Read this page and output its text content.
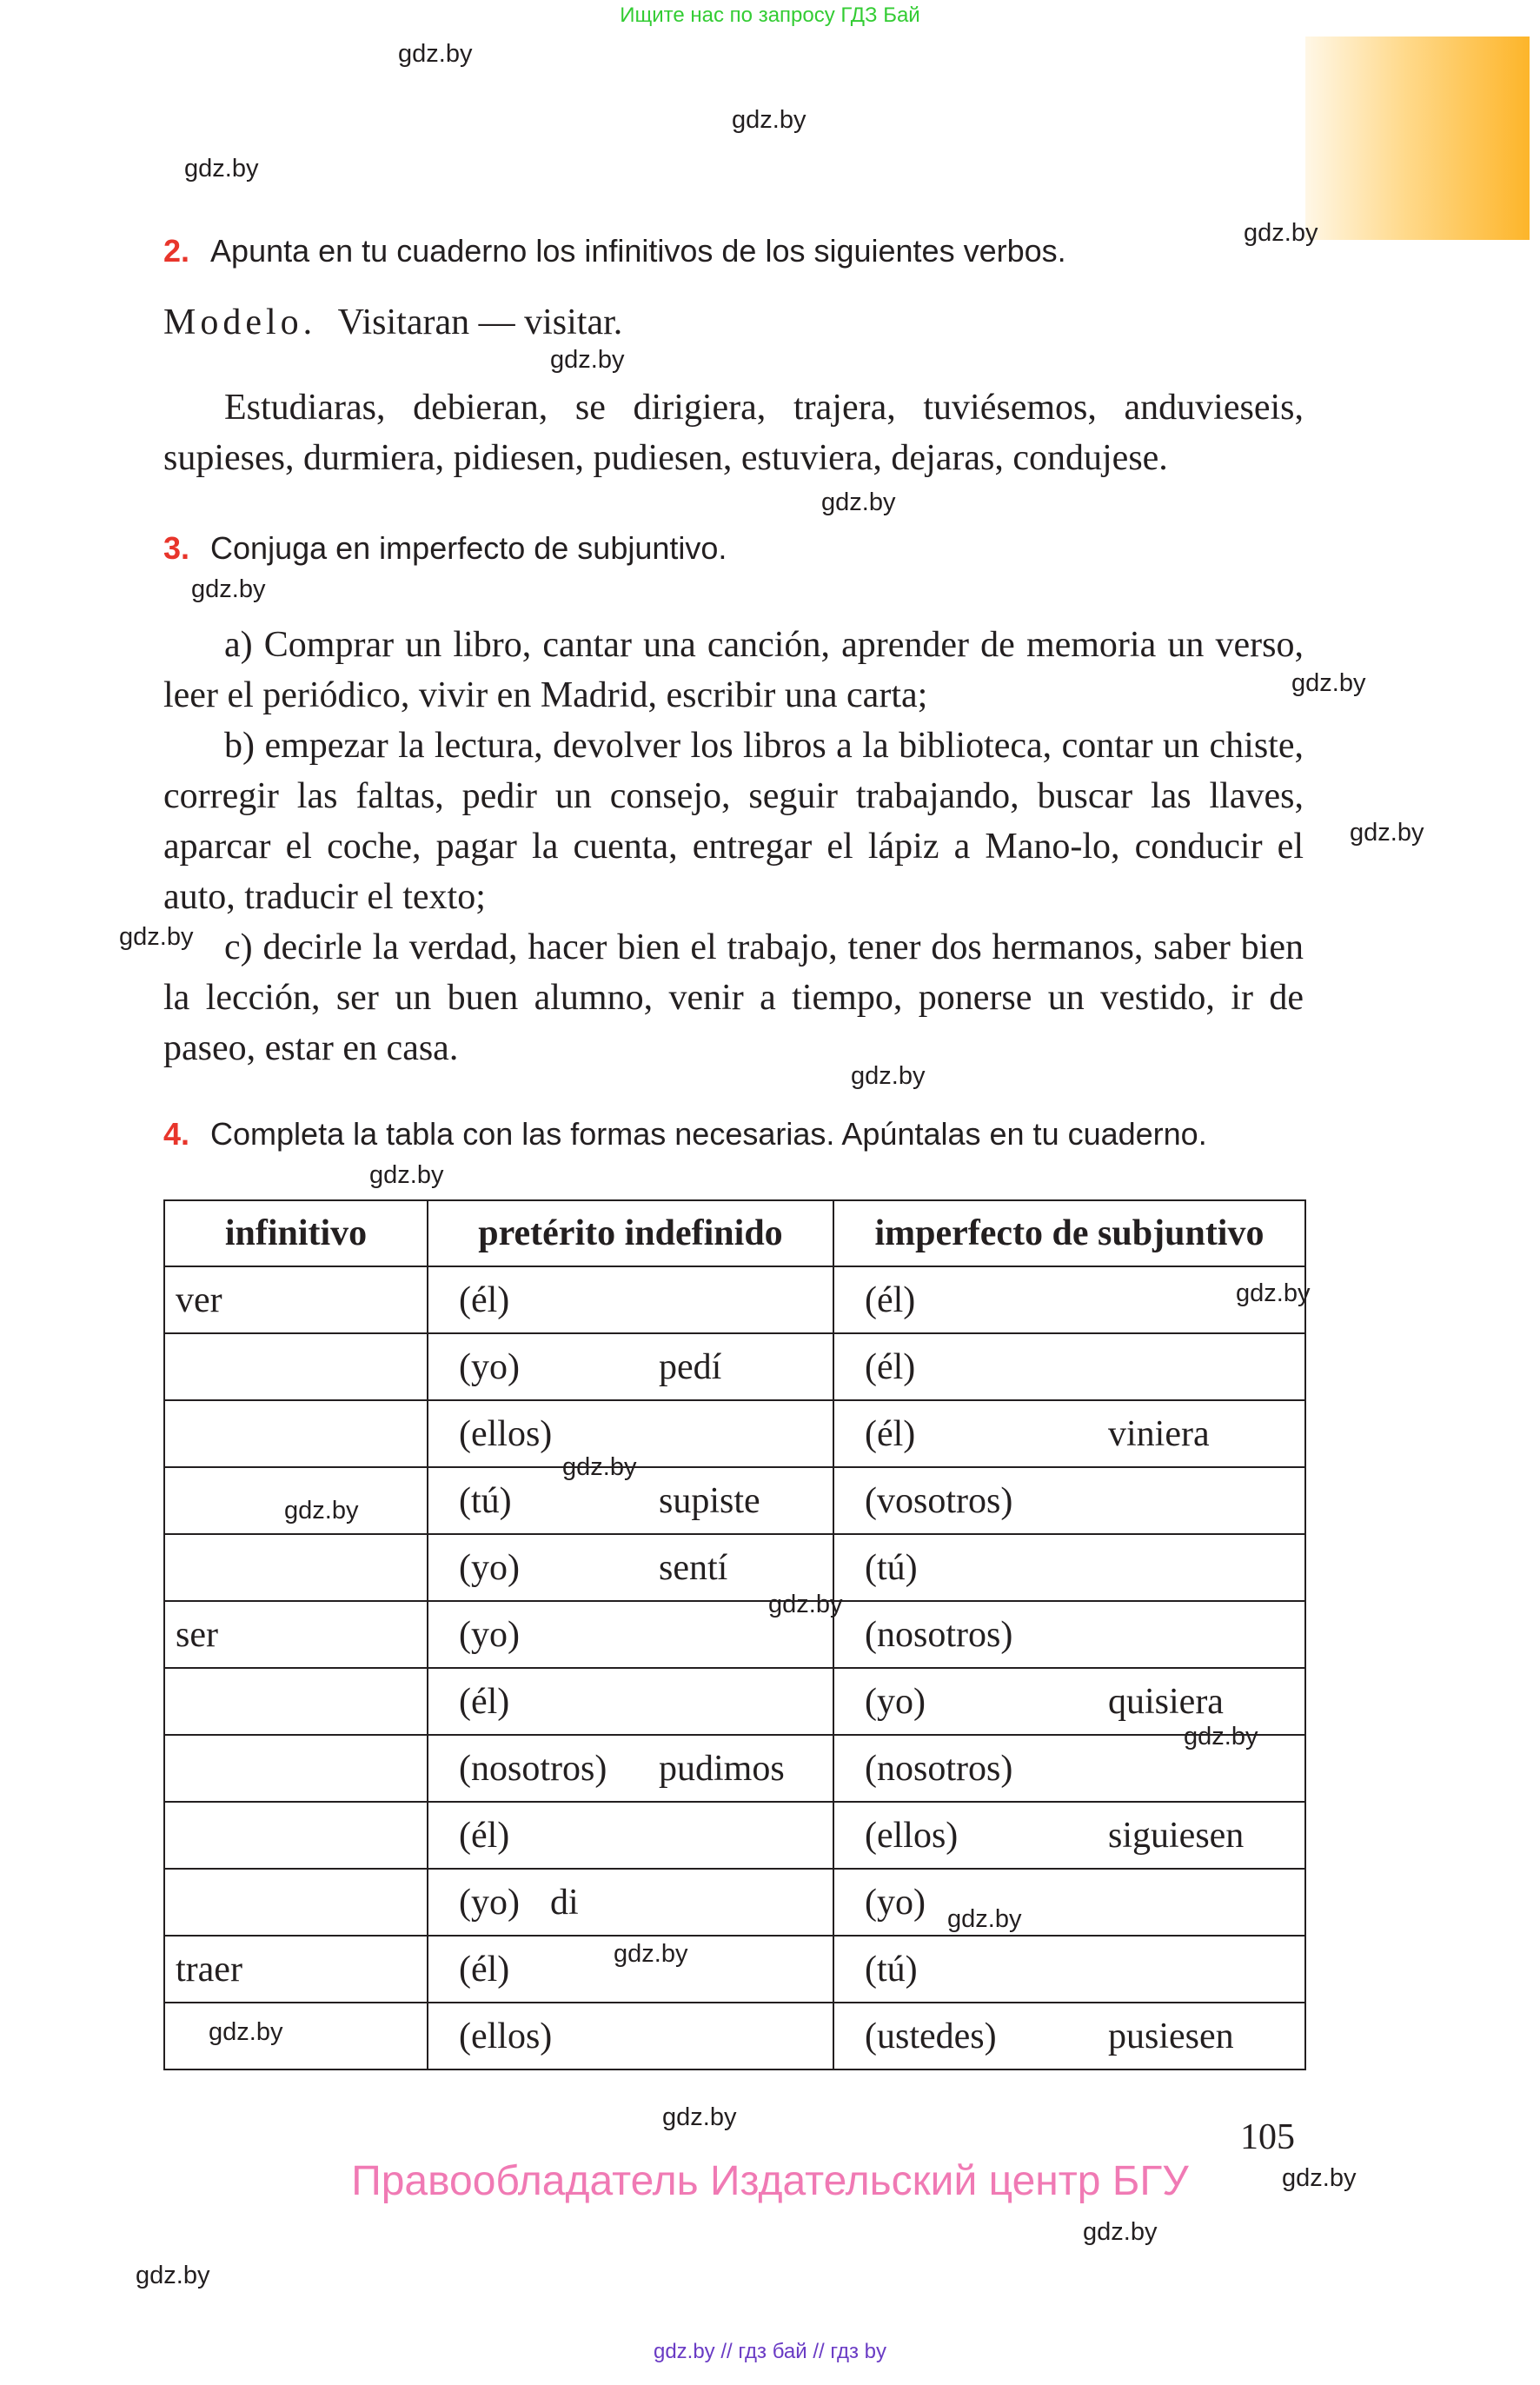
Ищите нас по запросу ГДЗ Бай
2. Apunta en tu cuaderno los infinitivos de los siguientes verbos.
Modelo. Visitaran — visitar.

Estudiaras, debieran, se dirigiera, trajera, tuviésemos, anduvieseis, supieses, durmiera, pidiesen, pudiesen, estuviera, dejaras, condujese.

3. Conjuga en imperfecto de subjuntivo.

a) Comprar un libro, cantar una canción, aprender de memoria un verso, leer el periódico, vivir en Madrid, escribir una carta;

b) empezar la lectura, devolver los libros a la biblioteca, contar un chiste, corregir las faltas, pedir un consejo, seguir trabajando, buscar las llaves, aparcar el coche, pagar la cuenta, entregar el lápiz a Mano-lo, conducir el auto, traducir el texto;

c) decirle la verdad, hacer bien el trabajo, tener dos hermanos, saber bien la lección, ser un buen alumno, venir a tiempo, ponerse un vestido, ir de paseo, estar en casa.

4. Completa la tabla con las formas necesarias. Apúntalas en tu cuaderno.
infinitivo	pretérito indefinido	imperfecto de subjuntivo
ver	(él)	(él)

	(yo) pedí	(él)

	(ellos)	(él) viniera

	(tú) supiste	(vosotros)

	(yo) sentí	(tú)

ser	(yo)	(nosotros)

	(él)	(yo) quisiera

	(nosotros) pudimos	(nosotros)

	(él)	(ellos) siguiesen

	(yo) di	(yo)

traer	(él)	(tú)

	(ellos)	(ustedes) pusiesen
105
Правообладатель Издательский центр БГУ
gdz.by // гдз бай // гдз by
gdz.by
gdz.by
gdz.by
gdz.by
gdz.by
gdz.by
gdz.by
gdz.by
gdz.by
gdz.by
gdz.by
gdz.by
gdz.by
gdz.by
gdz.by
gdz.by
gdz.by
gdz.by
gdz.by
gdz.by
gdz.by
gdz.by
gdz.by
gdz.by
